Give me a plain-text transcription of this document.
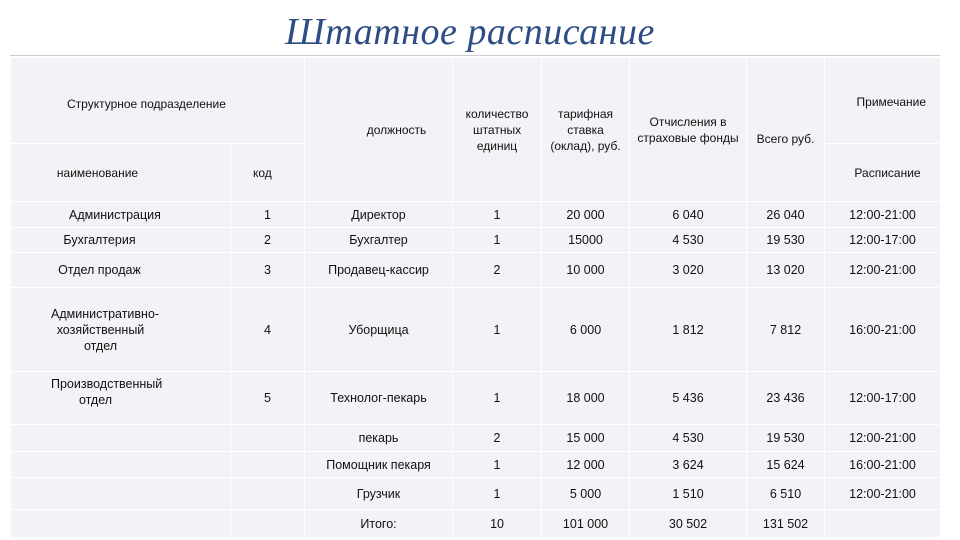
Штатное расписание
Структурное подразделение		должность	количество штатных единиц	тарифная ставка (оклад), руб.	Отчисления в страховые фонды	Всего руб.	Примечание
наименование	код						Расписание
Администрация	1	Директор	1	20 000	6 040	26 040	12:00-21:00
Бухгалтерия	2	Бухгалтер	1	15000	4 530	19 530	12:00-17:00
Отдел продаж	3	Продавец-кассир	2	10 000	3 020	13 020	12:00-21:00
Административно-хозяйственный отдел	4	Уборщица	1	6 000	1 812	7 812	16:00-21:00
Производственный отдел	5	Технолог-пекарь	1	18 000	5 436	23 436	12:00-17:00
		пекарь	2	15 000	4 530	19 530	12:00-21:00
		Помощник пекаря	1	12 000	3 624	15 624	16:00-21:00
		Грузчик	1	5 000	1 510	6 510	12:00-21:00
		Итого:	10	101 000	30 502	131 502	
